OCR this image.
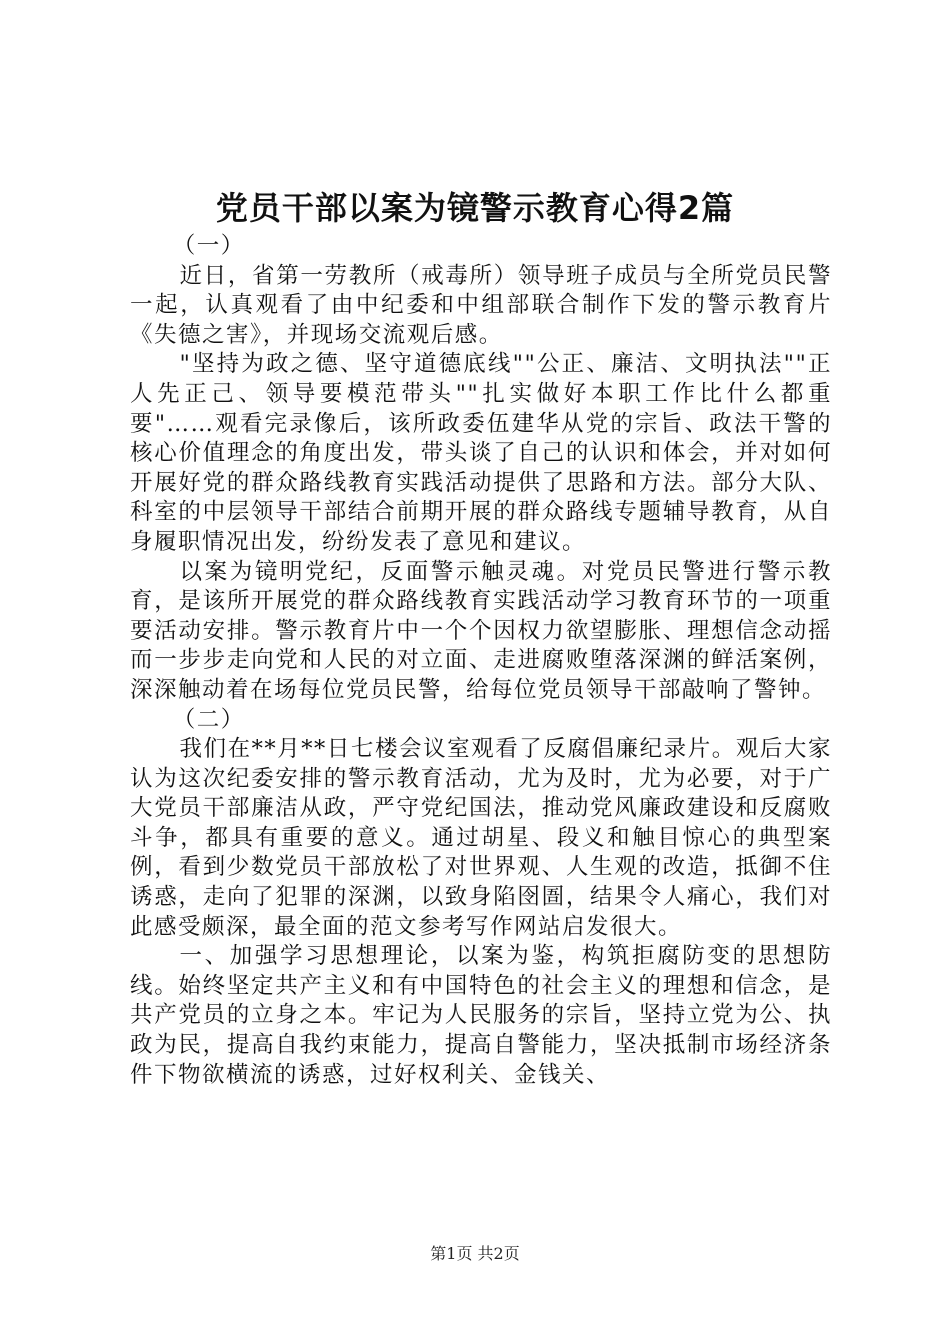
党员干部以案为镜警示教育心得2篇

（一）

近日，省第一劳教所（戒毒所）领导班子成员与全所党员民警一起，认真观看了由中纪委和中组部联合制作下发的警示教育片《失德之害》，并现场交流观后感。

"坚持为政之德、坚守道德底线""公正、廉洁、文明执法""正人先正己、领导要模范带头""扎实做好本职工作比什么都重要"……观看完录像后，该所政委伍建华从党的宗旨、政法干警的核心价值理念的角度出发，带头谈了自己的认识和体会，并对如何开展好党的群众路线教育实践活动提供了思路和方法。部分大队、科室的中层领导干部结合前期开展的群众路线专题辅导教育，从自身履职情况出发，纷纷发表了意见和建议。

以案为镜明党纪，反面警示触灵魂。对党员民警进行警示教育，是该所开展党的群众路线教育实践活动学习教育环节的一项重要活动安排。警示教育片中一个个因权力欲望膨胀、理想信念动摇而一步步走向党和人民的对立面、走进腐败堕落深渊的鲜活案例，深深触动着在场每位党员民警，给每位党员领导干部敲响了警钟。

（二）

我们在**月**日七楼会议室观看了反腐倡廉纪录片。观后大家认为这次纪委安排的警示教育活动，尤为及时，尤为必要，对于广大党员干部廉洁从政，严守党纪国法，推动党风廉政建设和反腐败斗争，都具有重要的意义。通过胡星、段义和触目惊心的典型案例，看到少数党员干部放松了对世界观、人生观的改造，抵御不住诱惑，走向了犯罪的深渊，以致身陷囹圄，结果令人痛心，我们对此感受颇深，最全面的范文参考写作网站启发很大。

一、加强学习思想理论，以案为鉴，构筑拒腐防变的思想防线。始终坚定共产主义和有中国特色的社会主义的理想和信念，是共产党员的立身之本。牢记为人民服务的宗旨，坚持立党为公、执政为民，提高自我约束能力，提高自警能力，坚决抵制市场经济条件下物欲横流的诱惑，过好权利关、金钱关、

第1页 共2页
